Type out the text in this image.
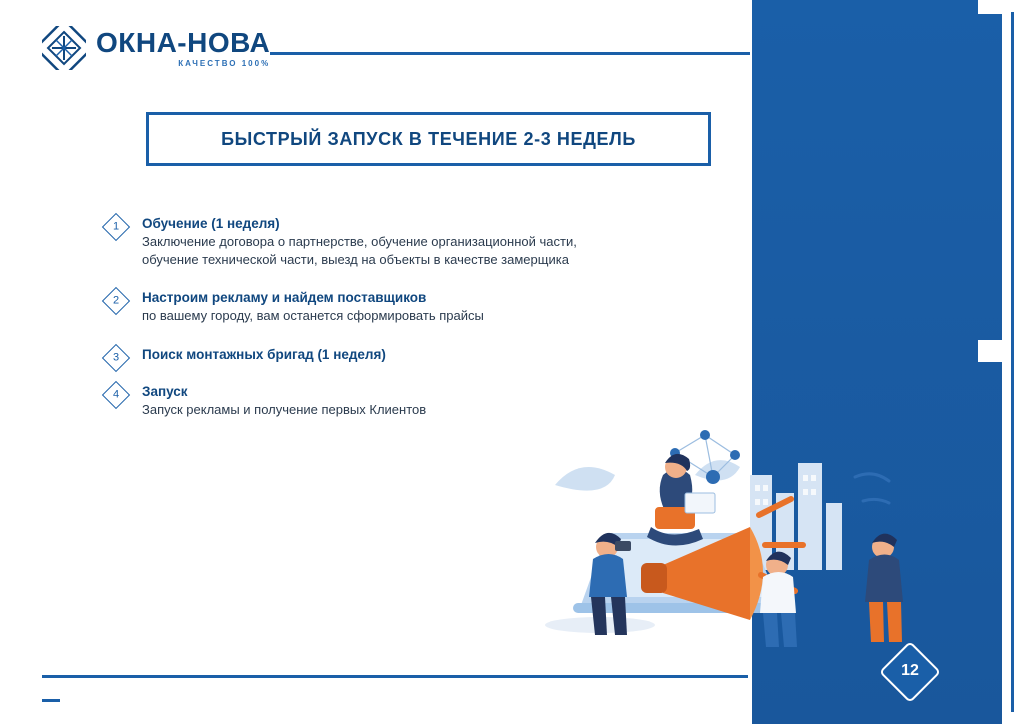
ОКНА-НОВА
КАЧЕСТВО 100%
БЫСТРЫЙ ЗАПУСК В ТЕЧЕНИЕ 2-3 НЕДЕЛЬ
1	Обучение (1 неделя)
Заключение договора о партнерстве, обучение организационной части,
обучение технической части, выезд на объекты в качестве замерщика
2	Настроим рекламу и найдем поставщиков
по вашему городу, вам останется сформировать прайсы
3	Поиск монтажных бригад (1 неделя)
4	Запуск
Запуск рекламы и получение первых Клиентов
12
